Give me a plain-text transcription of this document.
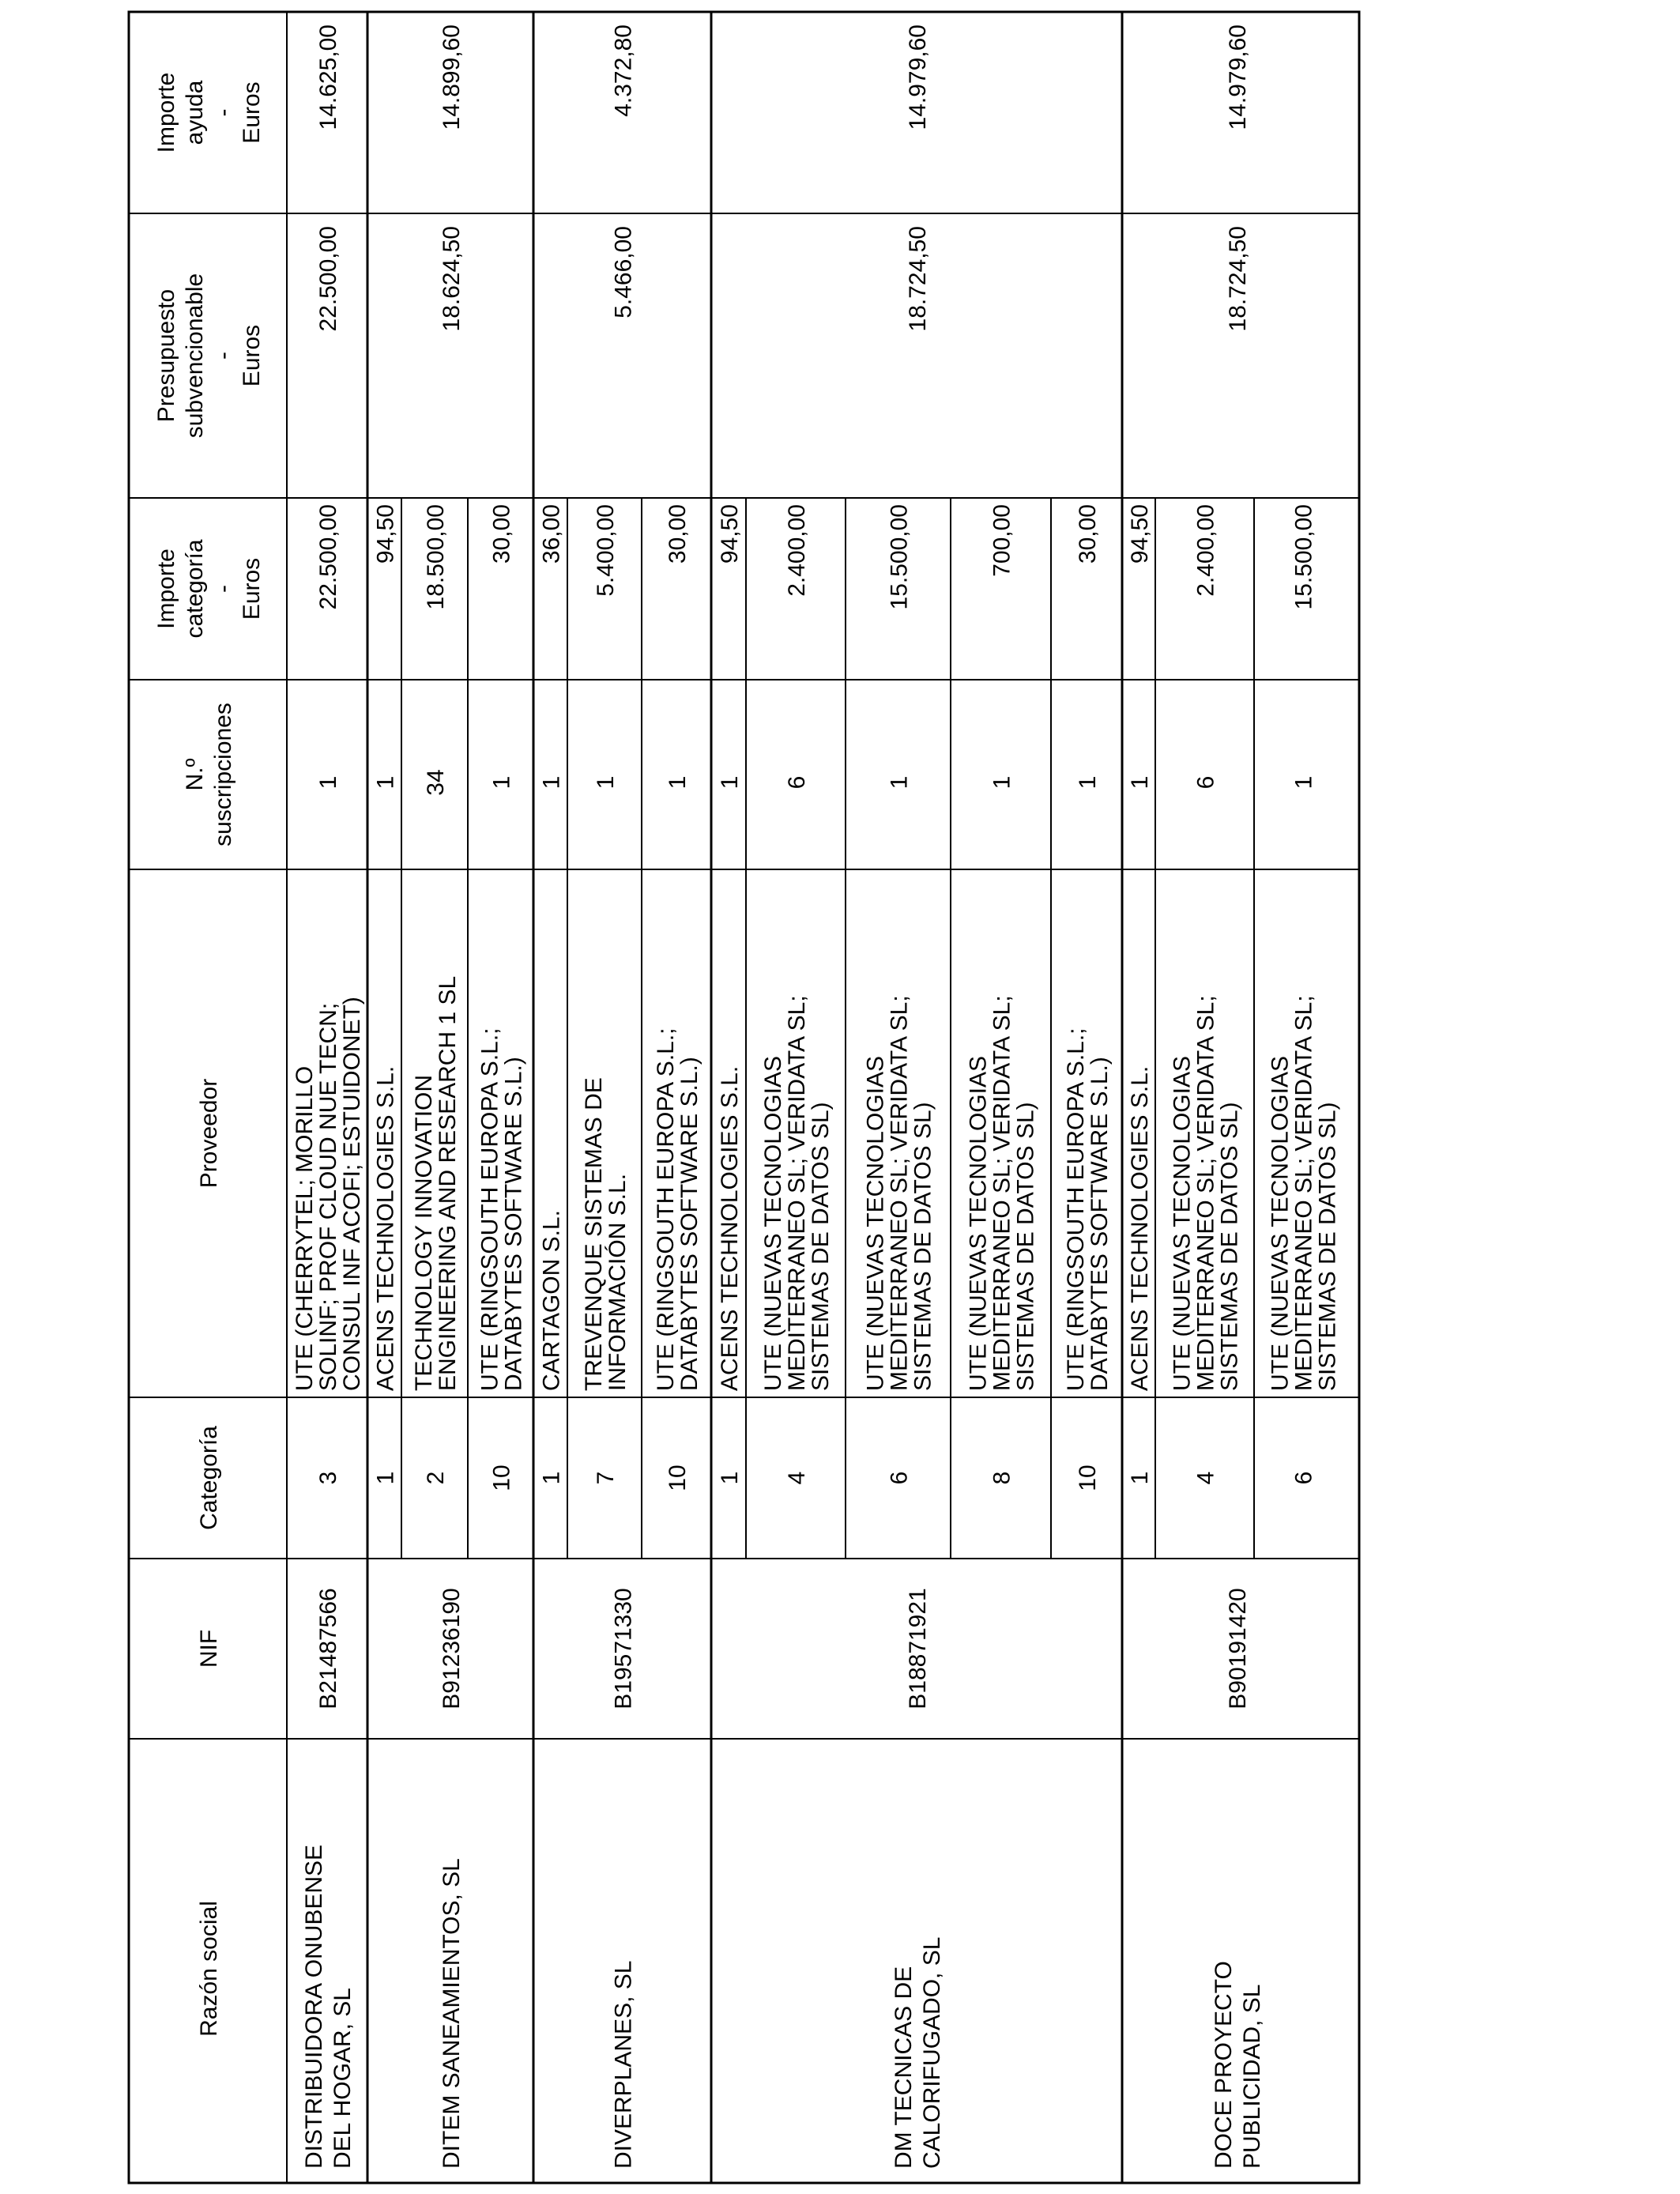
Razón social
NIF
Categoría
Proveedor
N.º suscripciones
Importe categoría - Euros
Presupuesto subvencionable - Euros
Importe ayuda - Euros
DISTRIBUIDORA ONUBENSE DEL HOGAR, SL
B21487566
22.500,00
14.625,00
3
UTE (CHERRYTEL; MORILLO
SOLINF; PROF CLOUD NUE TECN;
CONSUL INF ACOFI; ESTUIDONET)
1
22.500,00
DITEM SANEAMIENTOS, SL
B91236190
18.624,50
14.899,60
1
ACENS TECHNOLOGIES S.L.
1
94,50
2
TECHNOLOGY INNOVATION
ENGINEERING AND RESEARCH 1 SL
34
18.500,00
10
UTE (RINGSOUTH EUROPA S.L.;
DATABYTES SOFTWARE S.L.)
1
30,00
DIVERPLANES, SL
B19571330
5.466,00
4.372,80
1
CARTAGON S.L.
1
36,00
7
TREVENQUE SISTEMAS DE
INFORMACIÓN S.L.
1
5.400,00
10
UTE (RINGSOUTH EUROPA S.L.;
DATABYTES SOFTWARE S.L.)
1
30,00
DM TECNICAS DE CALORIFUGADO, SL
B18871921
18.724,50
14.979,60
1
ACENS TECHNOLOGIES S.L.
1
94,50
4
UTE (NUEVAS TECNOLOGIAS
MEDITERRANEO SL; VERIDATA SL;
SISTEMAS DE DATOS SL)
6
2.400,00
6
UTE (NUEVAS TECNOLOGIAS
MEDITERRANEO SL; VERIDATA SL;
SISTEMAS DE DATOS SL)
1
15.500,00
8
UTE (NUEVAS TECNOLOGIAS
MEDITERRANEO SL; VERIDATA SL;
SISTEMAS DE DATOS SL)
1
700,00
10
UTE (RINGSOUTH EUROPA S.L.;
DATABYTES SOFTWARE S.L.)
1
30,00
DOCE PROYECTO PUBLICIDAD, SL
B90191420
18.724,50
14.979,60
1
ACENS TECHNOLOGIES S.L.
1
94,50
4
UTE (NUEVAS TECNOLOGIAS
MEDITERRANEO SL; VERIDATA SL;
SISTEMAS DE DATOS SL)
6
2.400,00
6
UTE (NUEVAS TECNOLOGIAS
MEDITERRANEO SL; VERIDATA SL;
SISTEMAS DE DATOS SL)
1
15.500,00
